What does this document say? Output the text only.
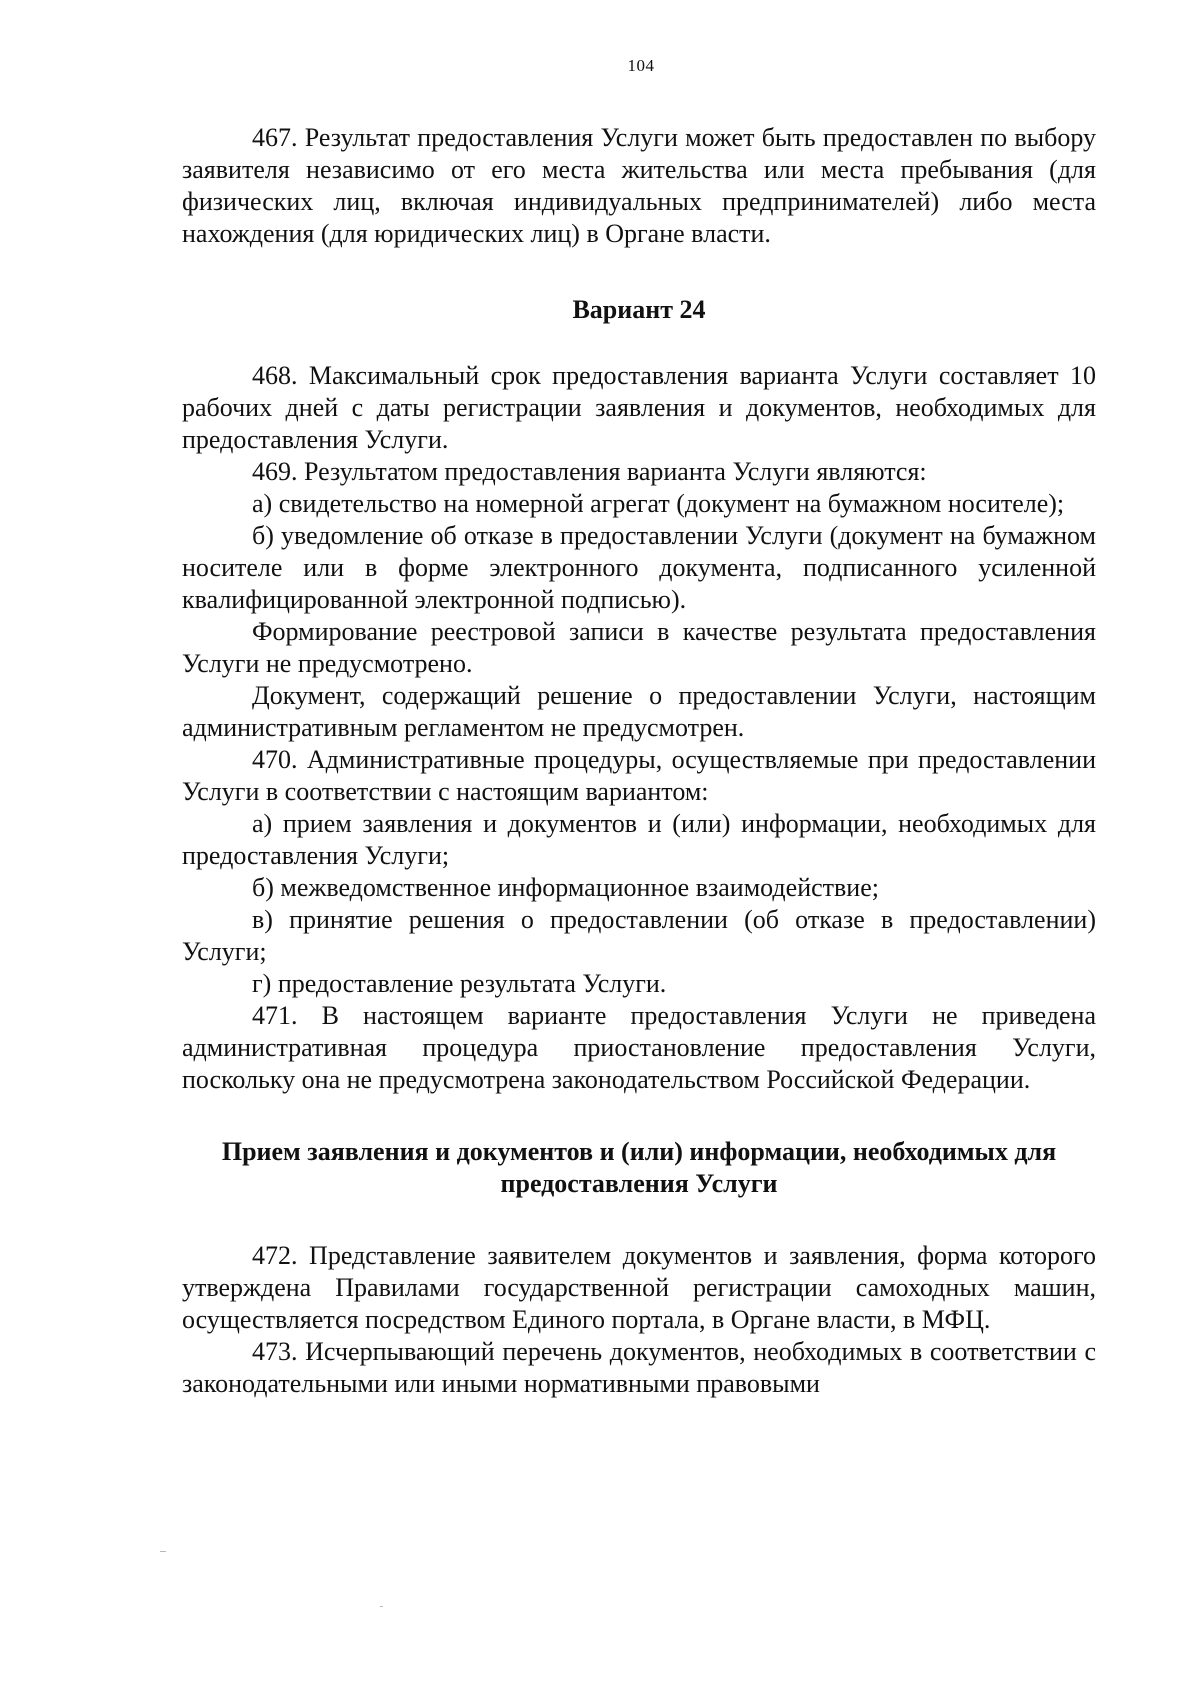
104

467. Результат предоставления Услуги может быть предоставлен по выбору заявителя независимо от его места жительства или места пребывания (для физических лиц, включая индивидуальных предпринимателей) либо места нахождения (для юридических лиц) в Органе власти.

Вариант 24

468. Максимальный срок предоставления варианта Услуги составляет 10 рабочих дней с даты регистрации заявления и документов, необходимых для предоставления Услуги.

469. Результатом предоставления варианта Услуги являются:

а) свидетельство на номерной агрегат (документ на бумажном носителе);

б) уведомление об отказе в предоставлении Услуги (документ на бумажном носителе или в форме электронного документа, подписанного усиленной квалифицированной электронной подписью).

Формирование реестровой записи в качестве результата предоставления Услуги не предусмотрено.

Документ, содержащий решение о предоставлении Услуги, настоящим административным регламентом не предусмотрен.

470. Административные процедуры, осуществляемые при предоставлении Услуги в соответствии с настоящим вариантом:

а) прием заявления и документов и (или) информации, необходимых для предоставления Услуги;

б) межведомственное информационное взаимодействие;

в) принятие решения о предоставлении (об отказе в предоставлении) Услуги;

г) предоставление результата Услуги.

471. В настоящем варианте предоставления Услуги не приведена административная процедура приостановление предоставления Услуги, поскольку она не предусмотрена законодательством Российской Федерации.

Прием заявления и документов и (или) информации, необходимых для предоставления Услуги

472. Представление заявителем документов и заявления, форма которого утверждена Правилами государственной регистрации самоходных машин, осуществляется посредством Единого портала, в Органе власти, в МФЦ.

473. Исчерпывающий перечень документов, необходимых в соответствии с законодательными или иными нормативными правовыми
